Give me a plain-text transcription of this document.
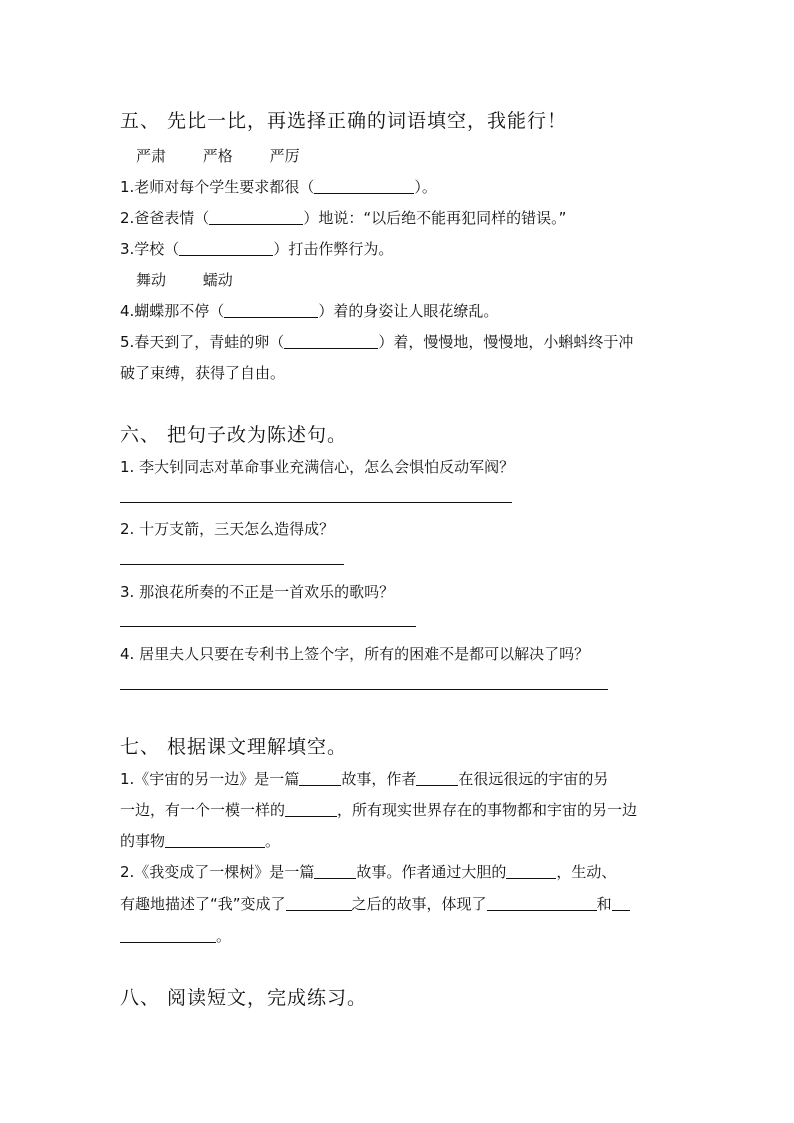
五、 先比一比，再选择正确的词语填空，我能行！
严肃 严格 严厉
1.老师对每个学生要求都很（	）。
2.爸爸表情（	）地说：“以后绝不能再犯同样的错误。”
3.学校（	）打击作弊行为。
舞动 蠕动
4.蝴蝶那不停（	）着的身姿让人眼花缭乱。
5.春天到了，青蛙的卵（	）着，慢慢地，慢慢地，小蝌蚪终于冲
破了束缚，获得了自由。
六、 把句子改为陈述句。
1. 李大钊同志对革命事业充满信心，怎么会惧怕反动军阀？
2. 十万支箭，三天怎么造得成？
3. 那浪花所奏的不正是一首欢乐的歌吗？
4. 居里夫人只要在专利书上签个字，所有的困难不是都可以解决了吗？
七、 根据课文理解填空。
1.《宇宙的另一边》是一篇	故事，作者	在很远很远的宇宙的另
一边，有一个一模一样的	，所有现实世界存在的事物都和宇宙的另一边
的事物	。
2.《我变成了一棵树》是一篇	故事。作者通过大胆的	，生动、
有趣地描述了“我”变成了	之后的故事，体现了	和
。
八、 阅读短文，完成练习。
